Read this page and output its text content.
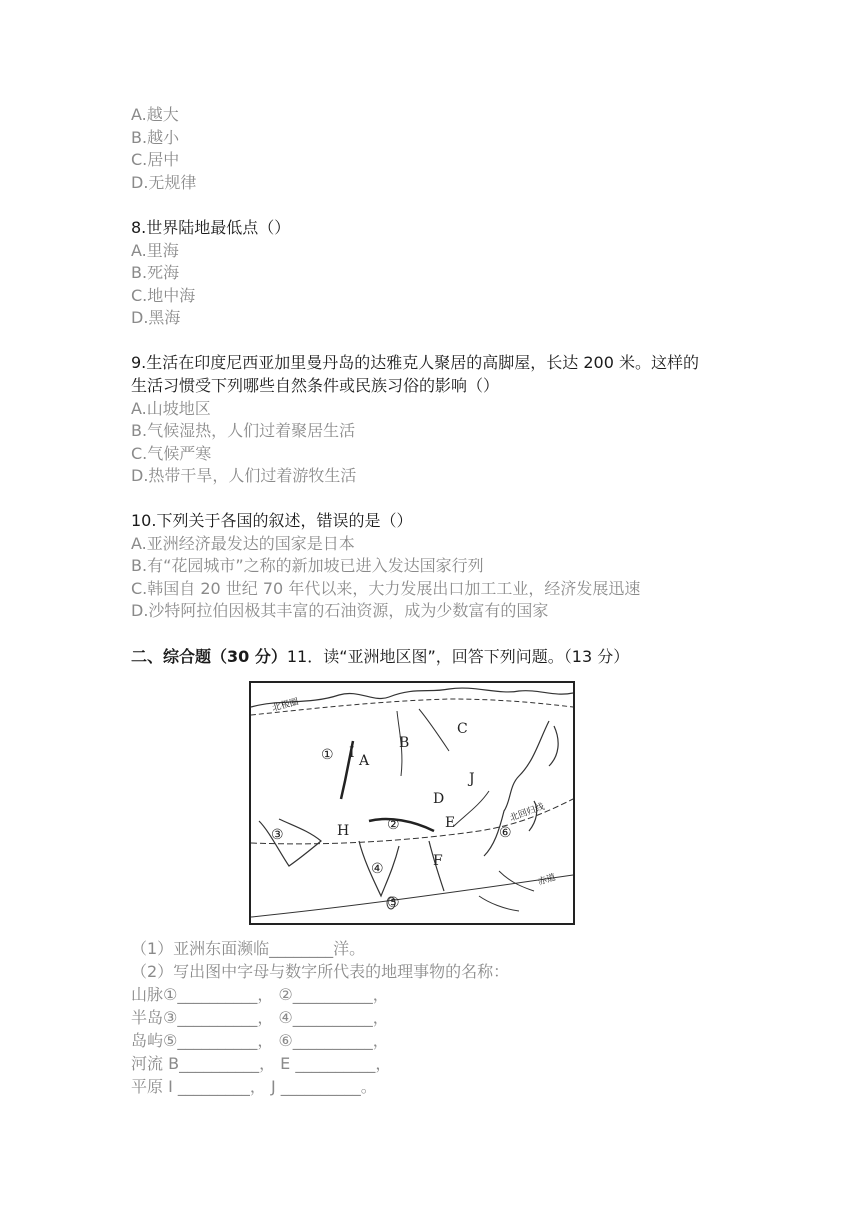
A.越大
B.越小
C.居中
D.无规律
8.世界陆地最低点（）
A.里海
B.死海
C.地中海
D.黑海
9.生活在印度尼西亚加里曼丹岛的达雅克人聚居的高脚屋，长达 200 米。这样的
生活习惯受下列哪些自然条件或民族习俗的影响（）
A.山坡地区
B.气候湿热，人们过着聚居生活
C.气候严寒
D.热带干旱，人们过着游牧生活
10.下列关于各国的叙述，错误的是（）
A.亚洲经济最发达的国家是日本
B.有“花园城市”之称的新加坡已进入发达国家行列
C.韩国自 20 世纪 70 年代以来，大力发展出口加工工业，经济发展迅速
D.沙特阿拉伯因极其丰富的石油资源，成为少数富有的国家
二、综合题（30 分）11．读“亚洲地区图”，回答下列问题。（13 分）
北极圈
北回归线
赤道
①
②
③
④
⑤
⑥
A
B
C
D
E
F
H
I
J
（1）亚洲东面濒临________洋。
（2）写出图中字母与数字所代表的地理事物的名称：
山脉①__________， ②__________，
半岛③__________， ④__________，
岛屿⑤__________， ⑥__________，
河流 B__________， E __________，
平原 I _________， J __________。
